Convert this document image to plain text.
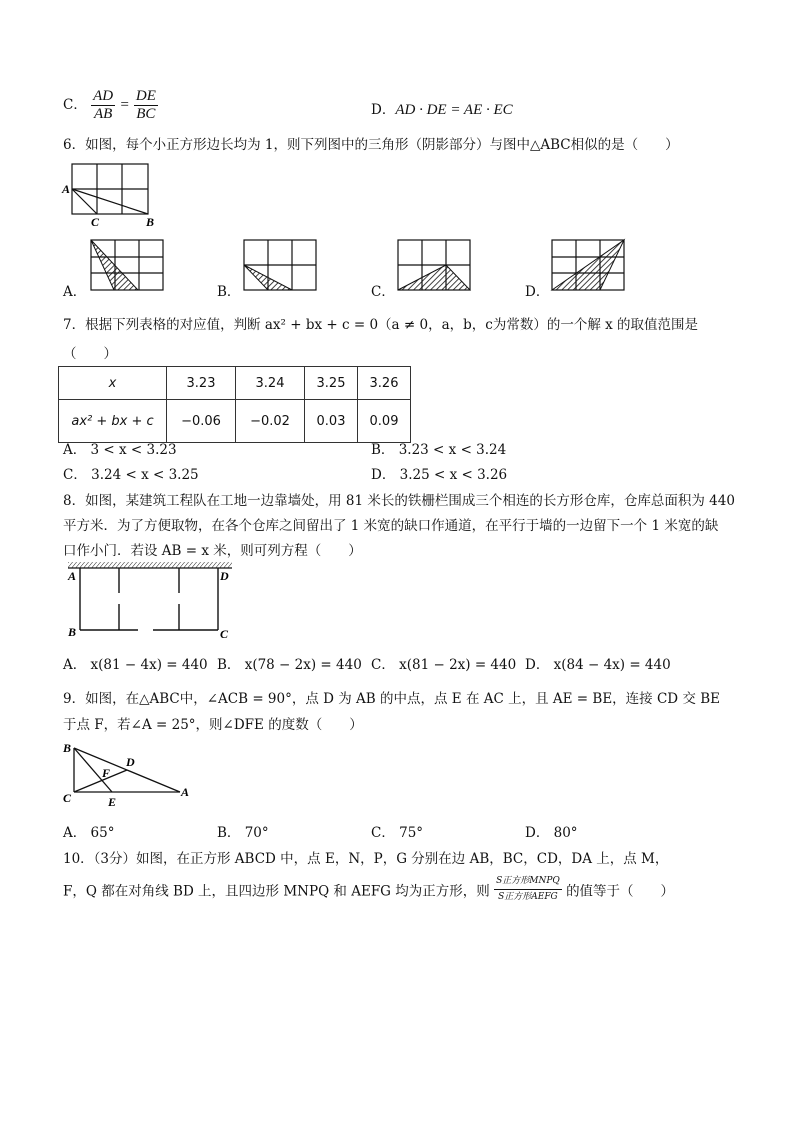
C． $\frac{AD}{AB} = \frac{DE}{BC}$	D．AD · DE = AE · EC
6．如图，每个小正方形边长均为 1，则下列图中的三角形（阴影部分）与图中△ABC相似的是（　　）
A
C	B
A．	B．	C．	D．
7．根据下列表格的对应值，判断 ax² + bx + c = 0（a ≠ 0，a，b，c为常数）的一个解 x 的取值范围是
（　　）
x	3.23	3.24	3.25	3.26
ax² + bx + c	−0.06	−0.02	0.03	0.09
A． 3 < x < 3.23	B． 3.23 < x < 3.24
C． 3.24 < x < 3.25	D． 3.25 < x < 3.26
8．如图，某建筑工程队在工地一边靠墙处，用 81 米长的铁栅栏围成三个相连的长方形仓库，仓库总面积为 440
平方米．为了方便取物，在各个仓库之间留出了 1 米宽的缺口作通道，在平行于墙的一边留下一个 1 米宽的缺
口作小门．若设 AB = x 米，则可列方程（　　）
A	D
B	C
A． x(81 − 4x) = 440 B． x(78 − 2x) = 440 C． x(81 − 2x) = 440 D． x(84 − 4x) = 440
9．如图，在△ABC中，∠ACB = 90°，点 D 为 AB 的中点，点 E 在 AC 上，且 AE = BE，连接 CD 交 BE
于点 F，若∠A = 25°，则∠DFE 的度数（　　）
B
D
F
C	E
A
A． 65°	B． 70°	C． 75°	D． 80°
10．（3分）如图，在正方形 ABCD 中，点 E，N，P，G 分别在边 AB，BC，CD，DA 上，点 M，
F，Q 都在对角线 BD 上，且四边形 MNPQ 和 AEFG 均为正方形，则 $\frac{\text{S正方形MNPQ}}{\text{S正方形AEFG}}$ 的值等于（　　）
